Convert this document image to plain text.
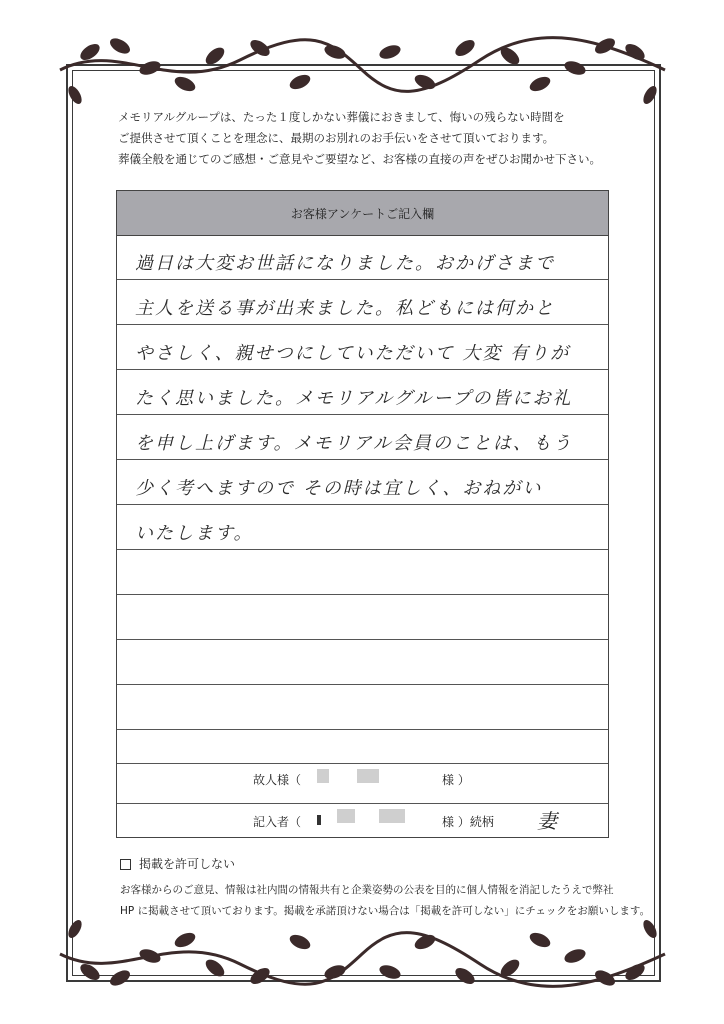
メモリアルグループは、たった１度しかない葬儀におきまして、悔いの残らない時間を
ご提供させて頂くことを理念に、最期のお別れのお手伝いをさせて頂いております。
葬儀全般を通じてのご感想・ご意見やご要望など、お客様の直接の声をぜひお聞かせ下さい。
お客様アンケートご記入欄
過日は大変お世話になりました。おかげさまで
主人を送る事が出来ました。私どもには何かと
やさしく、親せつにしていただいて 大変 有りが
たく思いました。メモリアルグループの皆にお礼
を申し上げます。メモリアル会員のことは、もう
少く考へますので その時は宜しく、おねがい
いたします。
故人様（	様 ）
記入者（	様 ）続柄 妻
掲載を許可しない
お客様からのご意見、情報は社内間の情報共有と企業姿勢の公表を目的に個人情報を消記したうえで弊社
HP に掲載させて頂いております。掲載を承諾頂けない場合は「掲載を許可しない」にチェックをお願いします。
